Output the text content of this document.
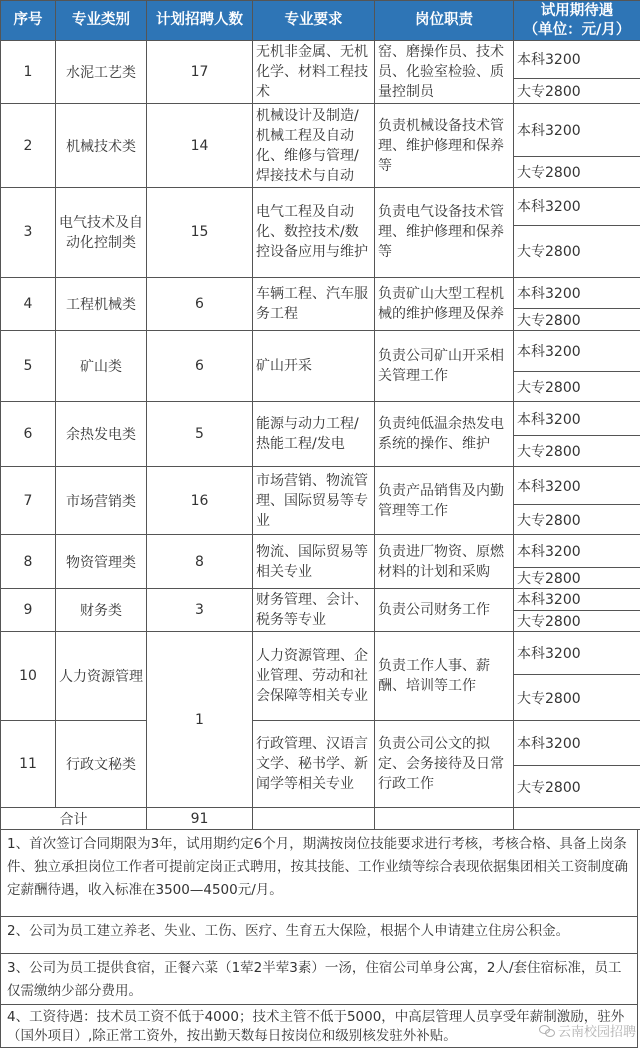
序号	专业类别	计划招聘人数	专业要求	岗位职责	试用期待遇
（单位：元/月）

1	水泥工艺类	17	无机非金属、无机化学、材料工程技术	窑、磨操作员、技术员、化验室检验、质量控制员	本科3200
					大专2800
2	机械技术类	14	机械设计及制造/机械工程及自动化、维修与管理/焊接技术与自动	负责机械设备技术管理、维护修理和保养等	本科3200
					大专2800
3	电气技术及自动化控制类	15	电气工程及自动化、数控技术/数控设备应用与维护	负责电气设备技术管理、维护修理和保养等	本科3200
					大专2800
4	工程机械类	6	车辆工程、汽车服务工程	负责矿山大型工程机械的维护修理及保养	本科3200
					大专2800
5	矿山类	6	矿山开采	负责公司矿山开采相关管理工作	本科3200
					大专2800
6	余热发电类	5	能源与动力工程/热能工程/发电	负责纯低温余热发电系统的操作、维护	本科3200
					大专2800
7	市场营销类	16	市场营销、物流管理、国际贸易等专业	负责产品销售及内勤管理等工作	本科3200
					大专2800
8	物资管理类	8	物流、国际贸易等相关专业	负责进厂物资、原燃材料的计划和采购	本科3200
					大专2800
9	财务类	3	财务管理、会计、税务等专业	负责公司财务工作	本科3200
					大专2800
10	人力资源管理	1	人力资源管理、企业管理、劳动和社会保障等相关专业	负责工作人事、薪酬、培训等工作	本科3200
					大专2800
11	行政文秘类		行政管理、汉语言文学、秘书学、新闻学等相关专业	负责公司公文的拟定、会务接待及日常行政工作	本科3200
					大专2800
合计		91			
1、首次签订合同期限为3年，试用期约定6个月，期满按岗位技能要求进行考核，考核合格、具备上岗条件、独立承担岗位工作者可提前定岗正式聘用，按其技能、工作业绩等综合表现依据集团相关工资制度确定薪酬待遇，收入标准在3500—4500元/月。
2、公司为员工建立养老、失业、工伤、医疗、生育五大保险，根据个人申请建立住房公积金。
3、公司为员工提供食宿，正餐六菜（1荤2半荤3素）一汤，住宿公司单身公寓，2人/套住宿标准，员工仅需缴纳少部分费用。
4、工资待遇：技术员工资不低于4000；技术主管不低于5000，中高层管理人员享受年薪制激励，驻外（国外项目）,除正常工资外，按出勤天数每日按岗位和级别核发驻外补贴。	云南校园招聘
